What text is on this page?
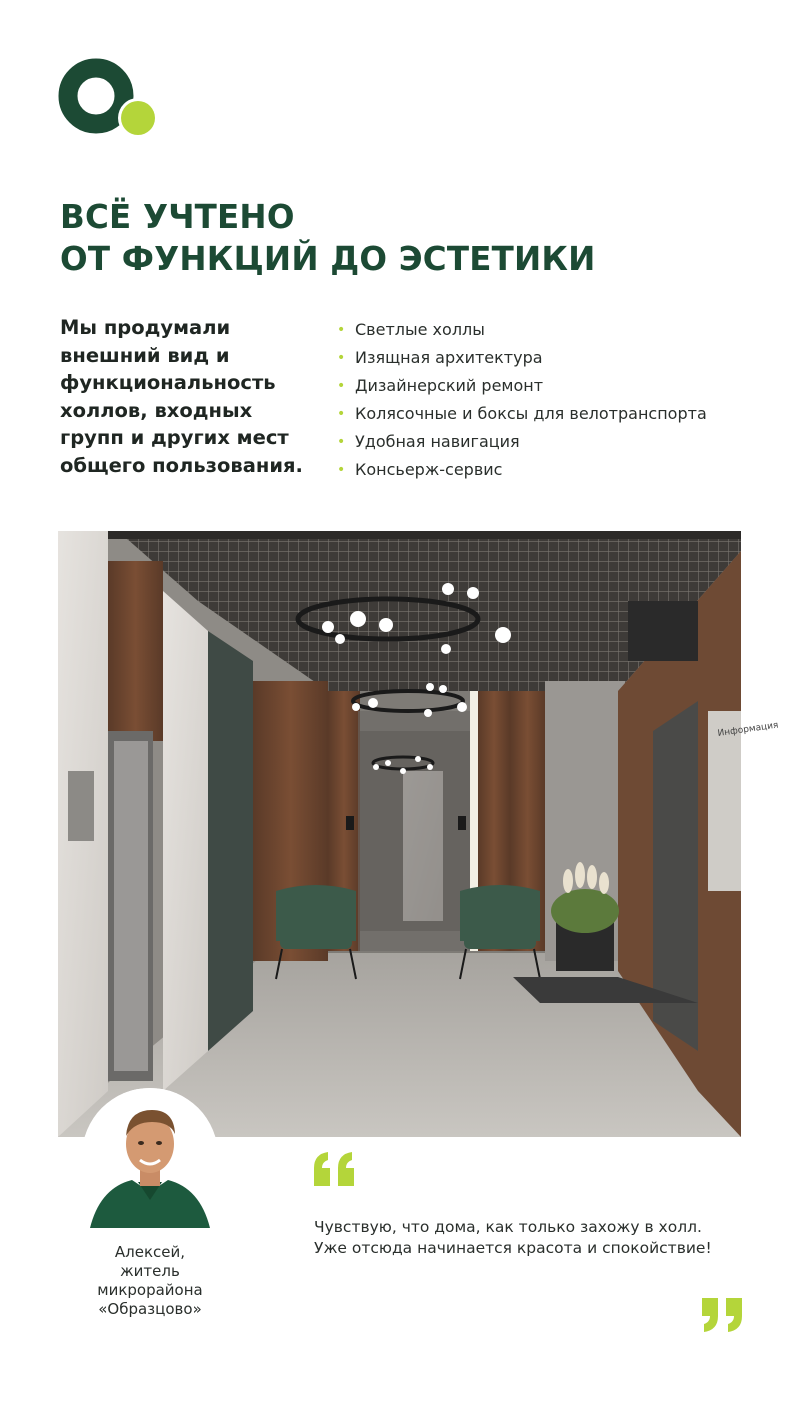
ВСЁ УЧТЕНО
ОТ ФУНКЦИЙ ДО ЭСТЕТИКИ
Мы продумали
внешний вид и
функциональность
холлов, входных
групп и других мест
общего пользования.
• Светлые холлы
• Изящная архитектура
• Дизайнерский ремонт
• Колясочные и боксы для велотранспорта
• Удобная навигация
• Консьерж-сервис
Информация
Алексей,
житель
микрорайона
«Образцово»
Чувствую, что дома, как только захожу в холл. Уже отсюда начинается красота и спокойствие!
